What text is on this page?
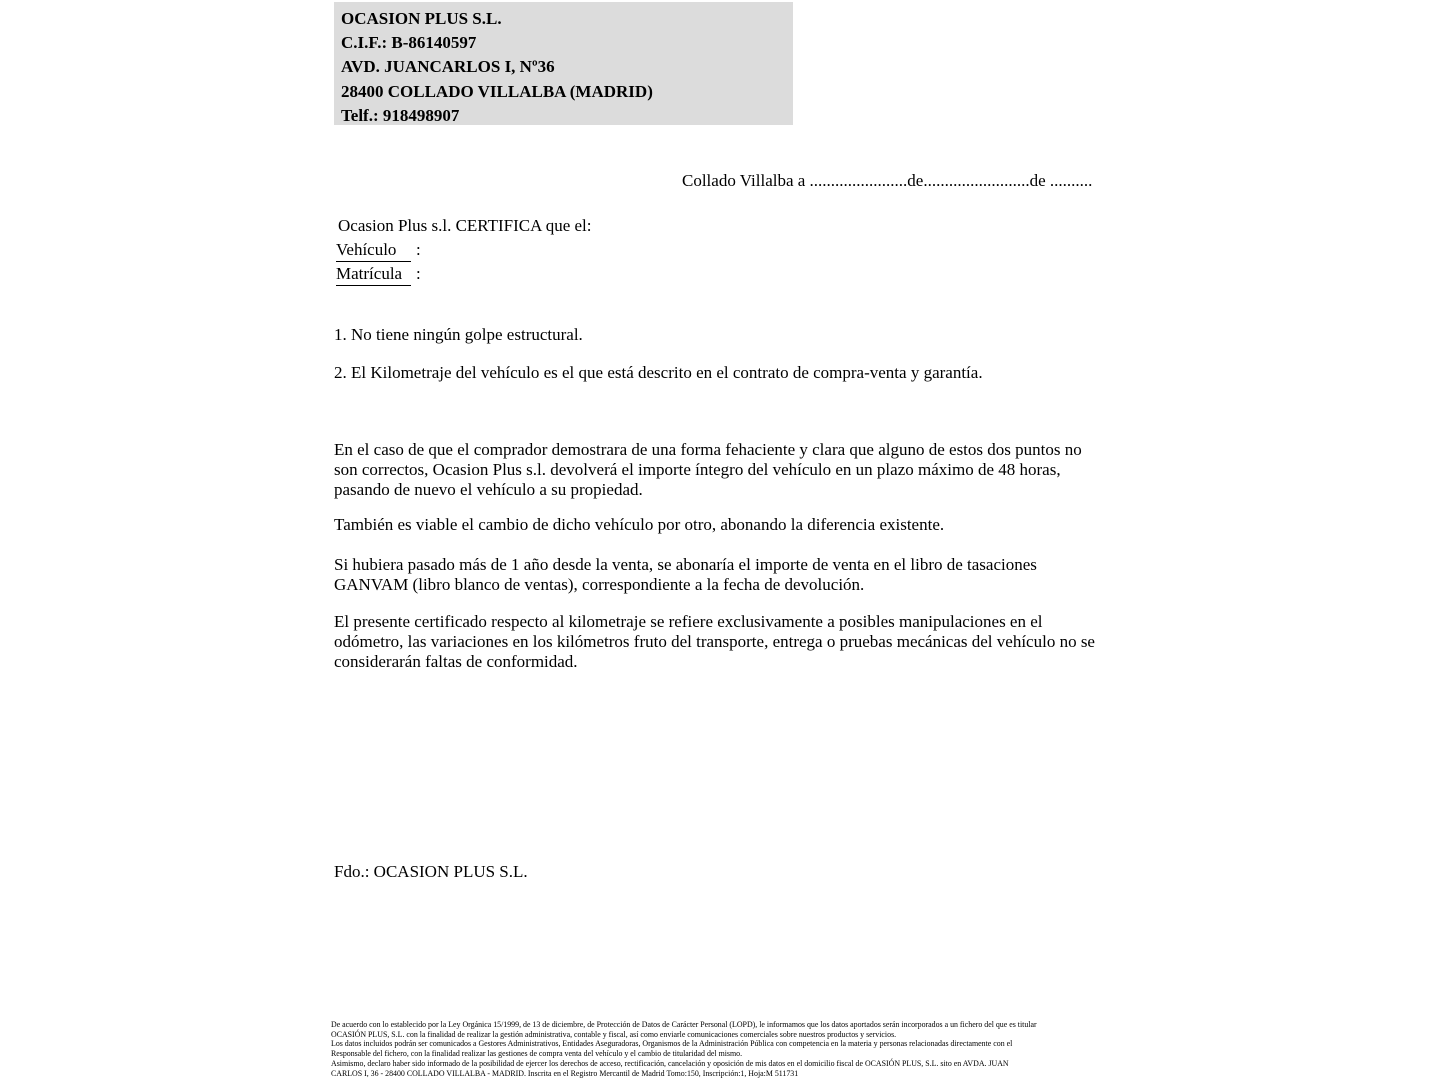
OCASION PLUS S.L.
C.I.F.: B-86140597
AVD. JUANCARLOS I, Nº36
28400 COLLADO VILLALBA (MADRID)
Telf.: 918498907
Collado Villalba a .......................de.........................de ..........
Ocasion Plus s.l. CERTIFICA que el:
Vehículo :
Matrícula :
1. No tiene ningún golpe estructural.
2. El Kilometraje del vehículo es el que está descrito en el contrato de compra-venta y garantía.
En el caso de que el comprador demostrara de una forma fehaciente y clara que alguno de estos dos puntos no son correctos, Ocasion Plus s.l. devolverá el importe íntegro del vehículo en un plazo máximo de 48 horas, pasando de nuevo el vehículo a su propiedad.
También es viable el cambio de dicho vehículo por otro, abonando la diferencia existente.
Si hubiera pasado más de 1 año desde la venta, se abonaría el importe de venta en el libro de tasaciones GANVAM (libro blanco de ventas), correspondiente a la fecha de devolución.
El presente certificado respecto al kilometraje se refiere exclusivamente a posibles manipulaciones en el odómetro, las variaciones en los kilómetros fruto del transporte, entrega o pruebas mecánicas del vehículo no se considerarán faltas de conformidad.
Fdo.: OCASION PLUS S.L.
De acuerdo con lo establecido por la Ley Orgánica 15/1999, de 13 de diciembre, de Protección de Datos de Carácter Personal (LOPD), le informamos que los datos aportados serán incorporados a un fichero del que es titular
OCASIÓN PLUS, S.L. con la finalidad de realizar la gestión administrativa, contable y fiscal, así como enviarle comunicaciones comerciales sobre nuestros productos y servicios.
Los datos incluidos podrán ser comunicados a Gestores Administrativos, Entidades Aseguradoras, Organismos de la Administración Pública con competencia en la materia y personas relacionadas directamente con el
Responsable del fichero, con la finalidad realizar las gestiones de compra venta del vehículo y el cambio de titularidad del mismo.
Asimismo, declaro haber sido informado de la posibilidad de ejercer los derechos de acceso, rectificación, cancelación y oposición de mis datos en el domicilio fiscal de OCASIÓN PLUS, S.L. sito en AVDA. JUAN
CARLOS I, 36 - 28400 COLLADO VILLALBA - MADRID. Inscrita en el Registro Mercantil de Madrid Tomo:150, Inscripción:1, Hoja:M 511731
